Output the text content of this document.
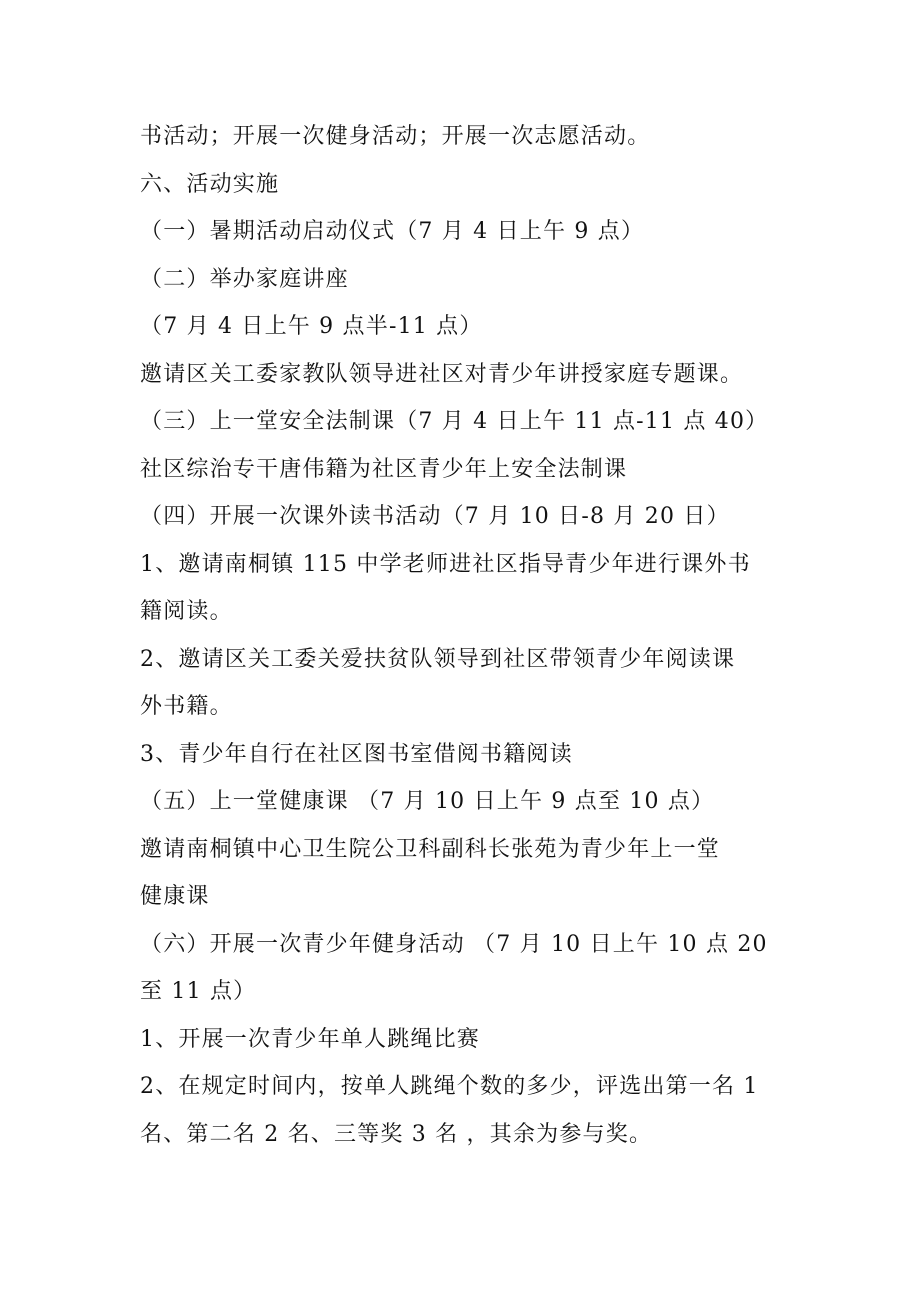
书活动；开展一次健身活动；开展一次志愿活动。
六、活动实施
（一）暑期活动启动仪式（7 月 4 日上午 9 点）
（二）举办家庭讲座
（7 月 4 日上午 9 点半-11 点）
邀请区关工委家教队领导进社区对青少年讲授家庭专题课。
（三）上一堂安全法制课（7 月 4 日上午 11 点-11 点 40）
社区综治专干唐伟籍为社区青少年上安全法制课
（四）开展一次课外读书活动（7 月 10 日-8 月 20 日）
1、邀请南桐镇 115 中学老师进社区指导青少年进行课外书
籍阅读。
2、邀请区关工委关爱扶贫队领导到社区带领青少年阅读课
外书籍。
3、青少年自行在社区图书室借阅书籍阅读
（五）上一堂健康课 （7 月 10 日上午 9 点至 10 点）
邀请南桐镇中心卫生院公卫科副科长张苑为青少年上一堂
健康课
（六）开展一次青少年健身活动 （7 月 10 日上午 10 点 20
至 11 点）
1、开展一次青少年单人跳绳比赛
2、在规定时间内，按单人跳绳个数的多少，评选出第一名 1
名、第二名 2 名、三等奖 3 名 ，其余为参与奖。
